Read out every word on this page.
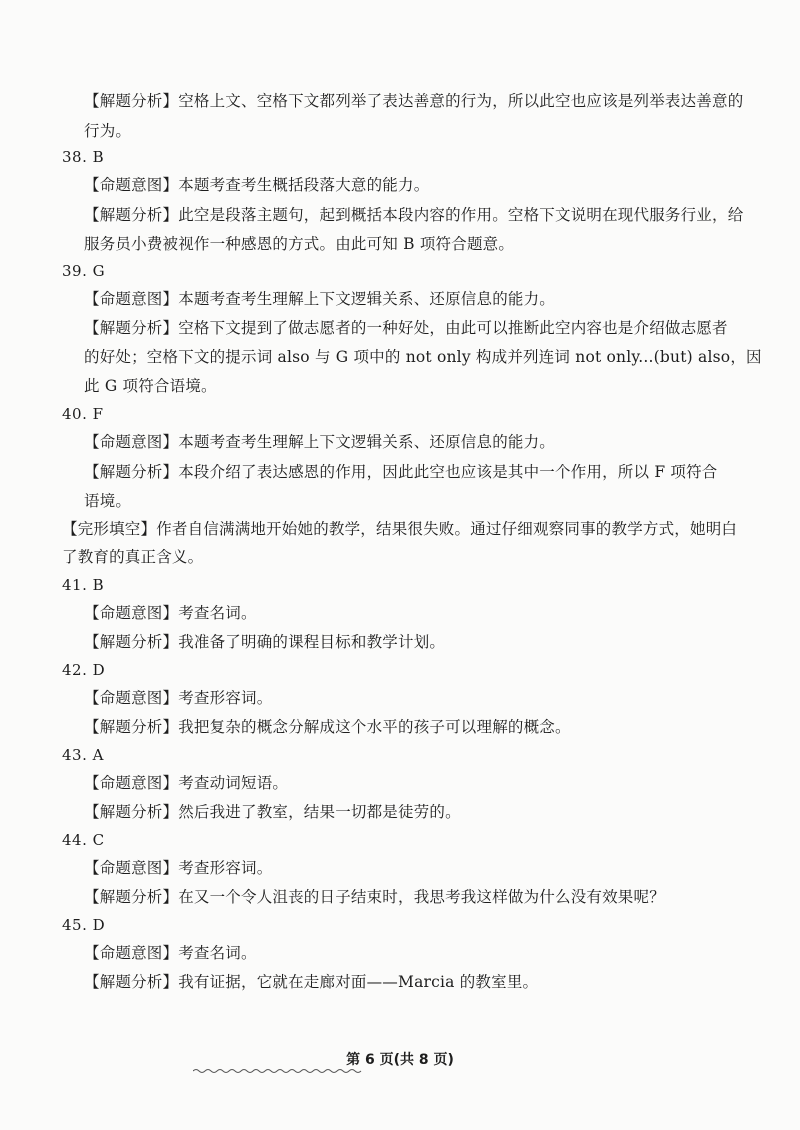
【解题分析】空格上文、空格下文都列举了表达善意的行为，所以此空也应该是列举表达善意的
行为。
38. B
【命题意图】本题考查考生概括段落大意的能力。
【解题分析】此空是段落主题句，起到概括本段内容的作用。空格下文说明在现代服务行业，给
服务员小费被视作一种感恩的方式。由此可知 B 项符合题意。
39. G
【命题意图】本题考查考生理解上下文逻辑关系、还原信息的能力。
【解题分析】空格下文提到了做志愿者的一种好处，由此可以推断此空内容也是介绍做志愿者
的好处；空格下文的提示词 also 与 G 项中的 not only 构成并列连词 not only...(but) also，因
此 G 项符合语境。
40. F
【命题意图】本题考查考生理解上下文逻辑关系、还原信息的能力。
【解题分析】本段介绍了表达感恩的作用，因此此空也应该是其中一个作用，所以 F 项符合
语境。
【完形填空】作者自信满满地开始她的教学，结果很失败。通过仔细观察同事的教学方式，她明白
了教育的真正含义。
41. B
【命题意图】考查名词。
【解题分析】我准备了明确的课程目标和教学计划。
42. D
【命题意图】考查形容词。
【解题分析】我把复杂的概念分解成这个水平的孩子可以理解的概念。
43. A
【命题意图】考查动词短语。
【解题分析】然后我进了教室，结果一切都是徒劳的。
44. C
【命题意图】考查形容词。
【解题分析】在又一个令人沮丧的日子结束时，我思考我这样做为什么没有效果呢？
45. D
【命题意图】考查名词。
【解题分析】我有证据，它就在走廊对面——Marcia 的教室里。
第 6 页(共 8 页)
